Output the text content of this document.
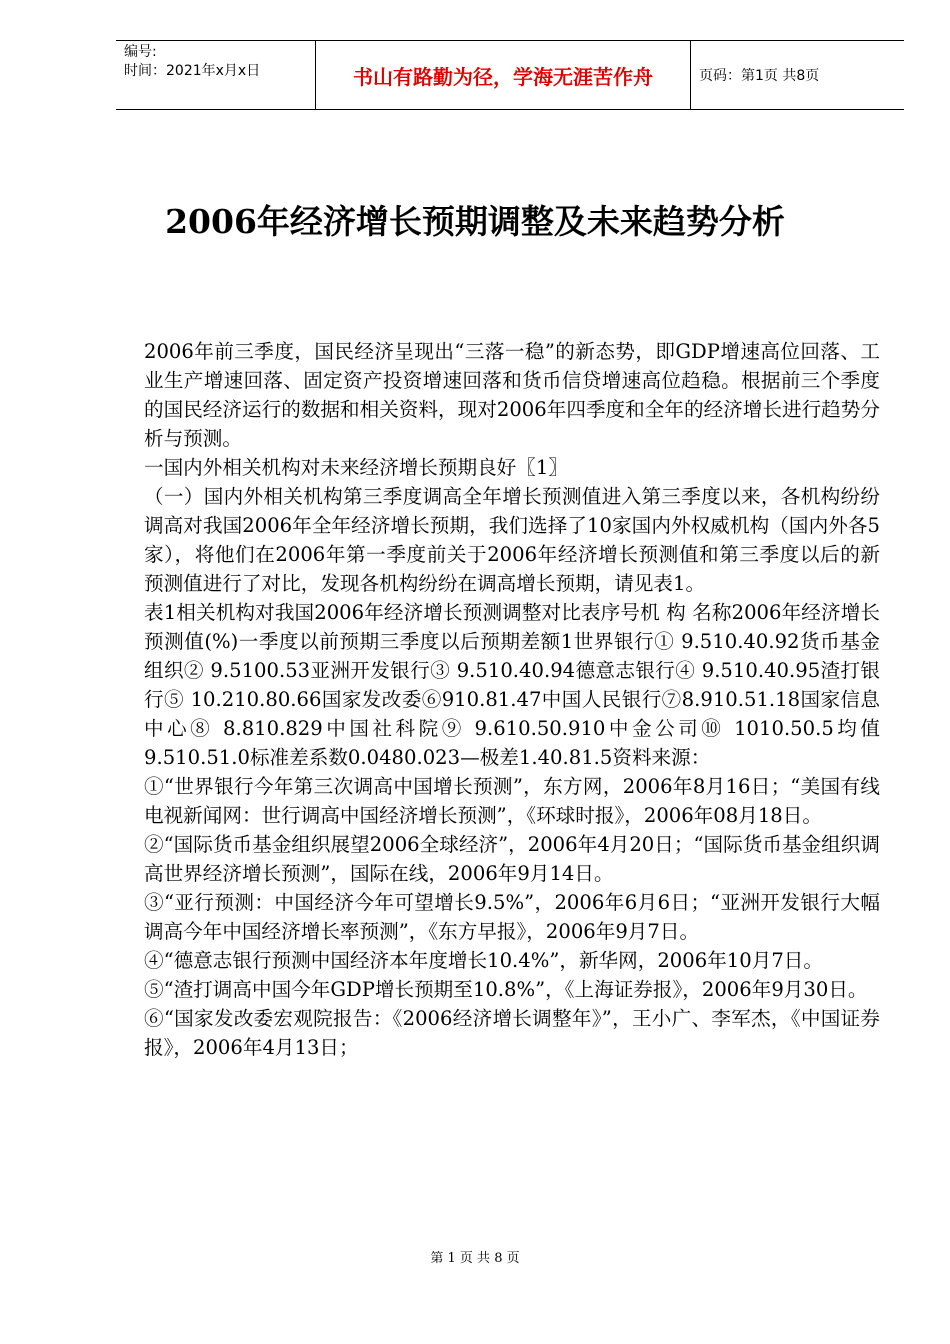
编号:
时间：2021年x月x日	书山有路勤为径，学海无涯苦作舟	页码：第1页 共8页
2006年经济增长预期调整及未来趋势分析

2006年前三季度，国民经济呈现出“三落一稳”的新态势，即GDP增速高位回落、工业生产增速回落、固定资产投资增速回落和货币信贷增速高位趋稳。根据前三个季度的国民经济运行的数据和相关资料，现对2006年四季度和全年的经济增长进行趋势分析与预测。

一国内外相关机构对未来经济增长预期良好〖1〗

（一）国内外相关机构第三季度调高全年增长预测值进入第三季度以来，各机构纷纷调高对我国2006年全年经济增长预期，我们选择了10家国内外权威机构（国内外各5家），将他们在2006年第一季度前关于2006年经济增长预测值和第三季度以后的新预测值进行了对比，发现各机构纷纷在调高增长预期，请见表1。

表1相关机构对我国2006年经济增长预测调整对比表序号机 构 名称2006年经济增长预测值(%)一季度以前预期三季度以后预期差额1世界银行① 9.510.40.92货币基金组织② 9.5100.53亚洲开发银行③ 9.510.40.94德意志银行④ 9.510.40.95渣打银行⑤ 10.210.80.66国家发改委⑥910.81.47中国人民银行⑦8.910.51.18国家信息中心⑧ 8.810.829中国社科院⑨ 9.610.50.910中金公司⑩ 1010.50.5均值9.510.51.0标准差系数0.0480.023—极差1.40.81.5资料来源：

①“世界银行今年第三次调高中国增长预测”，东方网，2006年8月16日；“美国有线电视新闻网：世行调高中国经济增长预测”，《环球时报》，2006年08月18日。

②“国际货币基金组织展望2006全球经济”，2006年4月20日；“国际货币基金组织调高世界经济增长预测”，国际在线，2006年9月14日。

③“亚行预测：中国经济今年可望增长9.5%”，2006年6月6日；“亚洲开发银行大幅调高今年中国经济增长率预测”，《东方早报》，2006年9月7日。

④“德意志银行预测中国经济本年度增长10.4%”，新华网，2006年10月7日。

⑤“渣打调高中国今年GDP增长预期至10.8%”，《上海证券报》，2006年9月30日。

⑥“国家发改委宏观院报告：《2006经济增长调整年》”，王小广、李军杰，《中国证券报》，2006年4月13日；

第 1 页 共 8 页
